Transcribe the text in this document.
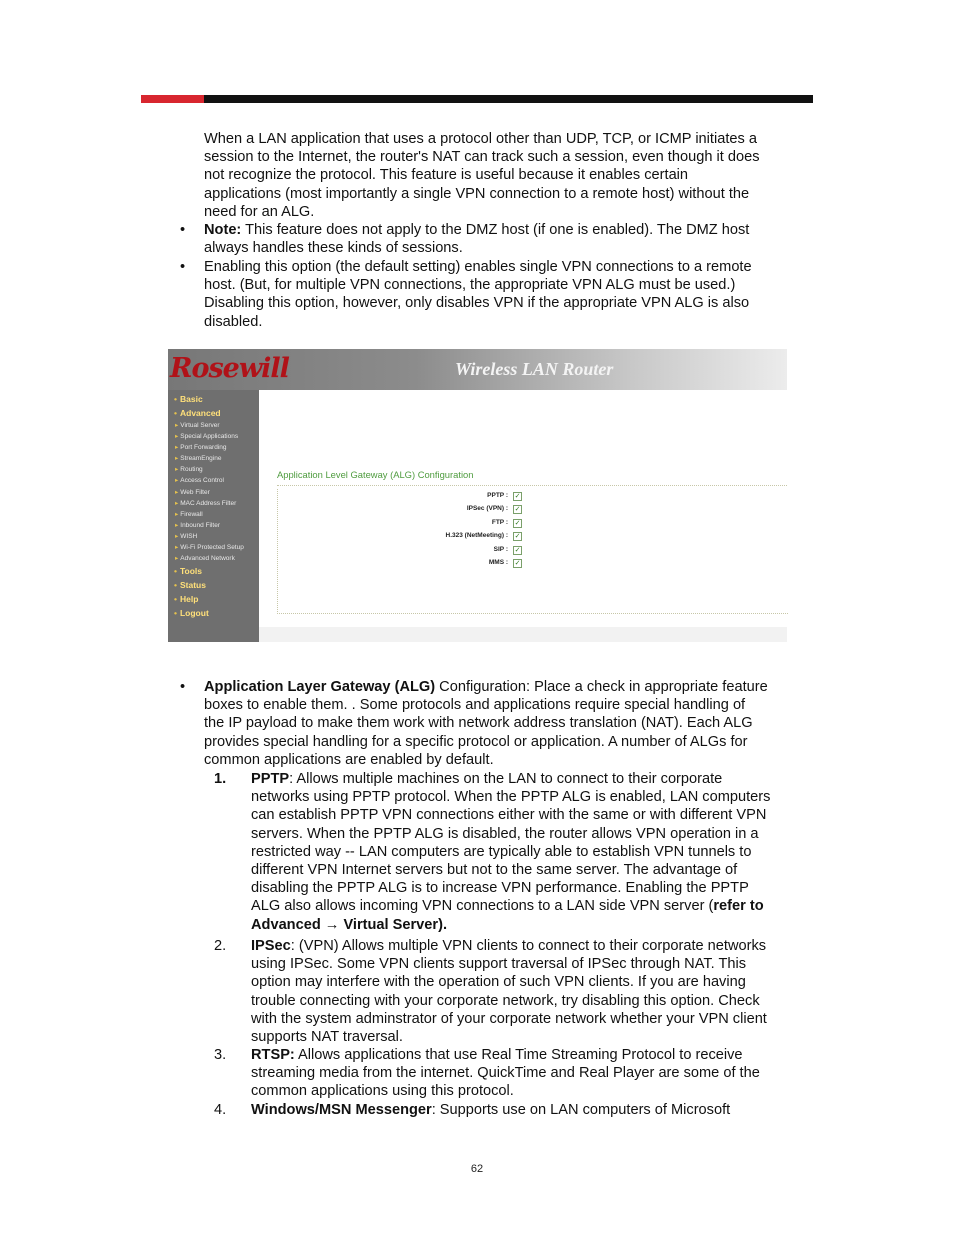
When a LAN application that uses a protocol other than UDP, TCP, or ICMP initiates a
session to the Internet, the router's NAT can track such a session, even though it does
not recognize the protocol. This feature is useful because it enables certain
applications (most importantly a single VPN connection to a remote host) without the
need for an ALG.
• Note: This feature does not apply to the DMZ host (if one is enabled). The DMZ host
always handles these kinds of sessions.
• Enabling this option (the default setting) enables single VPN connections to a remote
host. (But, for multiple VPN connections, the appropriate VPN ALG must be used.)
Disabling this option, however, only disables VPN if the appropriate VPN ALG is also
disabled.
Rosewill	Wireless LAN Router
• Basic
• Advanced
▸ Virtual Server
▸ Special Applications
▸ Port Forwarding
▸ StreamEngine
▸ Routing
▸ Access Control
▸ Web Filter
▸ MAC Address Filter
▸ Firewall
▸ Inbound Filter
▸ WISH
▸ Wi-Fi Protected Setup
▸ Advanced Network
• Tools
• Status
• Help
• Logout
Application Level Gateway (ALG) Configuration
PPTP : ✓
IPSec (VPN) : ✓
FTP : ✓
H.323 (NetMeeting) : ✓
SIP : ✓
MMS : ✓
• Application Layer Gateway (ALG) Configuration: Place a check in appropriate feature
boxes to enable them. . Some protocols and applications require special handling of
the IP payload to make them work with network address translation (NAT). Each ALG
provides special handling for a specific protocol or application. A number of ALGs for
common applications are enabled by default.
1. PPTP: Allows multiple machines on the LAN to connect to their corporate
networks using PPTP protocol. When the PPTP ALG is enabled, LAN computers
can establish PPTP VPN connections either with the same or with different VPN
servers. When the PPTP ALG is disabled, the router allows VPN operation in a
restricted way -- LAN computers are typically able to establish VPN tunnels to
different VPN Internet servers but not to the same server. The advantage of
disabling the PPTP ALG is to increase VPN performance. Enabling the PPTP
ALG also allows incoming VPN connections to a LAN side VPN server (refer to
Advanced → Virtual Server).
2. IPSec: (VPN) Allows multiple VPN clients to connect to their corporate networks
using IPSec. Some VPN clients support traversal of IPSec through NAT. This
option may interfere with the operation of such VPN clients. If you are having
trouble connecting with your corporate network, try disabling this option. Check
with the system adminstrator of your corporate network whether your VPN client
supports NAT traversal.
3. RTSP: Allows applications that use Real Time Streaming Protocol to receive
streaming media from the internet. QuickTime and Real Player are some of the
common applications using this protocol.
4. Windows/MSN Messenger: Supports use on LAN computers of Microsoft
62
